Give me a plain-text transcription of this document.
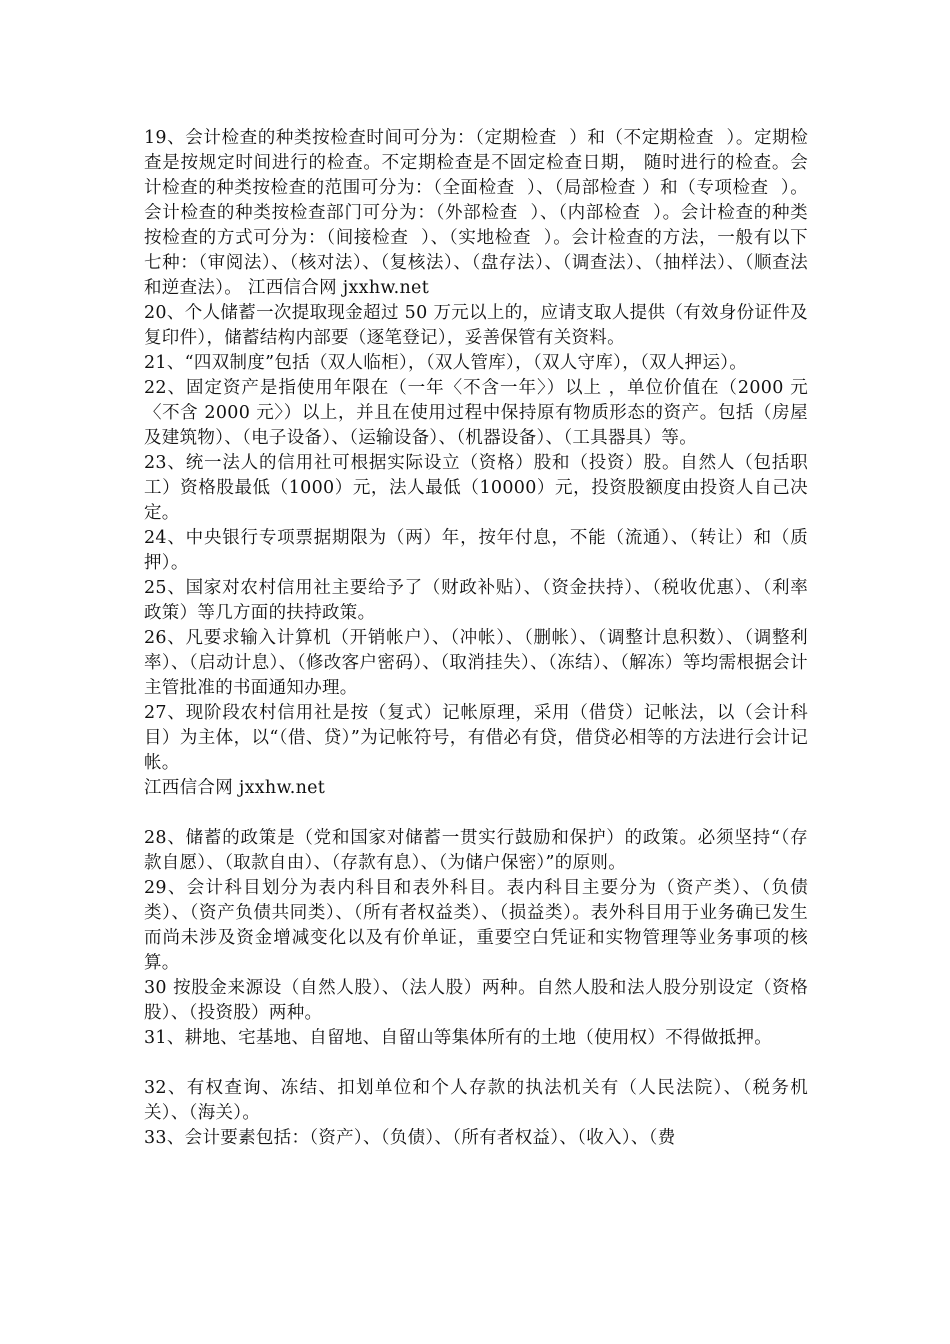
19、会计检查的种类按检查时间可分为：（定期检查  ）和（不定期检查  ）。定期检查是按规定时间进行的检查。不定期检查是不固定检查日期， 随时进行的检查。会计检查的种类按检查的范围可分为：（全面检查  ）、（局部检查 ）和（专项检查  ）。会计检查的种类按检查部门可分为：（外部检查  ）、（内部检查  ）。会计检查的种类按检查的方式可分为：（间接检查  ）、（实地检查  ）。会计检查的方法，一般有以下七种：（审阅法）、（核对法）、（复核法）、（盘存法）、（调查法）、（抽样法）、（顺查法和逆查法）。 江西信合网 jxxhw.net

20、个人储蓄一次提取现金超过 50 万元以上的，应请支取人提供（有效身份证件及复印件），储蓄结构内部要（逐笔登记），妥善保管有关资料。

21、“四双制度”包括（双人临柜），（双人管库），（双人守库），（双人押运）。

22、固定资产是指使用年限在（一年〈不含一年〉）以上 ，单位价值在（2000 元〈不含 2000 元〉）以上，并且在使用过程中保持原有物质形态的资产。包括（房屋及建筑物）、（电子设备）、（运输设备）、（机器设备）、（工具器具）等。

23、统一法人的信用社可根据实际设立（资格）股和（投资）股。自然人（包括职工）资格股最低（1000）元，法人最低（10000）元，投资股额度由投资人自己决定。

24、中央银行专项票据期限为（两）年，按年付息，不能（流通）、（转让）和（质押）。

25、国家对农村信用社主要给予了（财政补贴）、（资金扶持）、（税收优惠）、（利率政策）等几方面的扶持政策。

26、凡要求输入计算机（开销帐户）、（冲帐）、（删帐）、（调整计息积数）、（调整利率）、（启动计息）、（修改客户密码）、（取消挂失）、（冻结）、（解冻）等均需根据会计主管批准的书面通知办理。

27、现阶段农村信用社是按（复式）记帐原理，采用（借贷）记帐法，以（会计科目）为主体，以“（借、贷）”为记帐符号，有借必有贷，借贷必相等的方法进行会计记帐。

江西信合网 jxxhw.net

28、储蓄的政策是（党和国家对储蓄一贯实行鼓励和保护）的政策。必须坚持“（存款自愿）、（取款自由）、（存款有息）、（为储户保密）”的原则。

29、会计科目划分为表内科目和表外科目。表内科目主要分为（资产类）、（负债类）、（资产负债共同类）、（所有者权益类）、（损益类）。表外科目用于业务确已发生而尚未涉及资金增减变化以及有价单证，重要空白凭证和实物管理等业务事项的核算。

30 按股金来源设（自然人股）、（法人股）两种。自然人股和法人股分别设定（资格股）、（投资股）两种。

31、耕地、宅基地、自留地、自留山等集体所有的土地（使用权）不得做抵押。

32、有权查询、冻结、扣划单位和个人存款的执法机关有（人民法院）、（税务机关）、（海关）。

33、会计要素包括：（资产）、（负债）、（所有者权益）、（收入）、（费
